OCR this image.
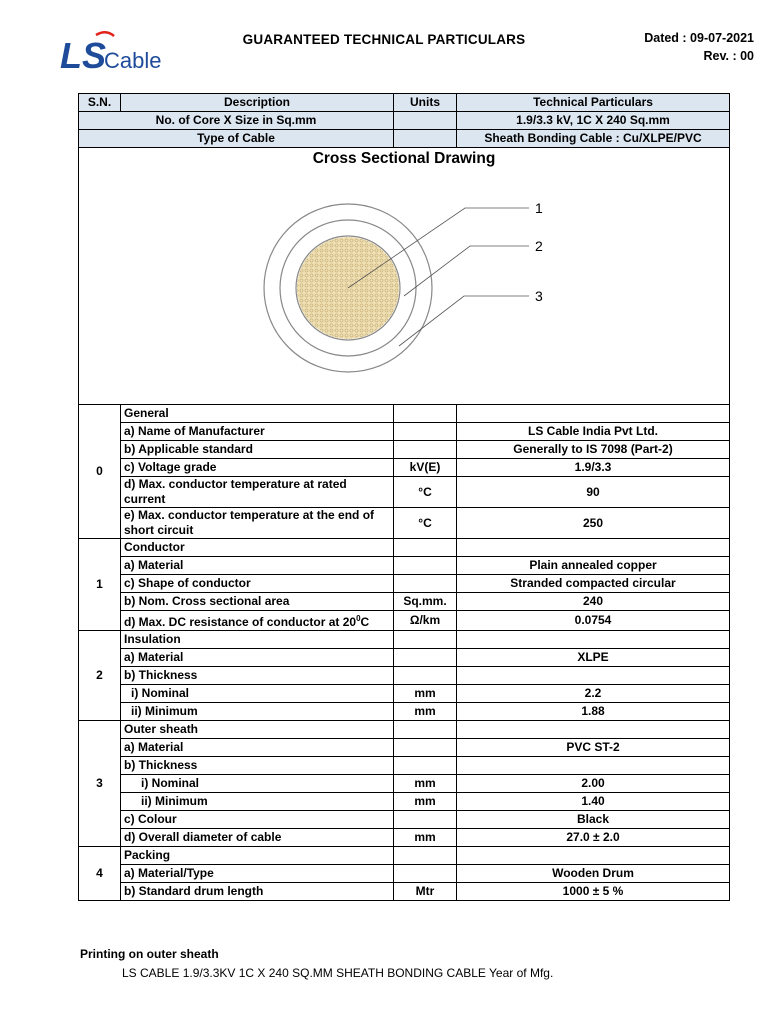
LS
Cable
GUARANTEED TECHNICAL PARTICULARS	Dated : 09-07-2021
Rev. : 00
S.N.	Description	Units	Technical Particulars
No. of Core X Size in Sq.mm			1.9/3.3 kV, 1C X 240 Sq.mm
Type of Cable			Sheath Bonding Cable : Cu/XLPE/PVC

Cross Sectional Drawing
1
2
3			

0	General		
	a) Name of Manufacturer		LS Cable India Pvt Ltd.
	b) Applicable standard		Generally to IS 7098 (Part-2)
	c) Voltage grade	kV(E)	1.9/3.3
	d) Max. conductor temperature at rated current	°C	90
	e) Max. conductor temperature at the end of short circuit	°C	250
1	Conductor		
	a) Material		Plain annealed copper
	c) Shape of conductor		Stranded compacted circular
	b) Nom. Cross sectional area	Sq.mm.	240
	d) Max. DC resistance of conductor at $20^0C$	Ω/km	0.0754
2	Insulation		
	a) Material		XLPE
	b) Thickness		
	i) Nominal	mm	2.2
	ii) Minimum	mm	1.88
3	Outer sheath		
	a) Material		PVC ST-2
	b) Thickness		
	i) Nominal	mm	2.00
	ii) Minimum	mm	1.40
	c) Colour		Black
	d) Overall diameter of cable	mm	27.0 ± 2.0
4	Packing		
	a) Material/Type		Wooden Drum
	b) Standard drum length	Mtr	1000 ± 5 %
Printing on outer sheath
LS CABLE 1.9/3.3KV 1C X 240 SQ.MM SHEATH BONDING CABLE Year of Mfg.
